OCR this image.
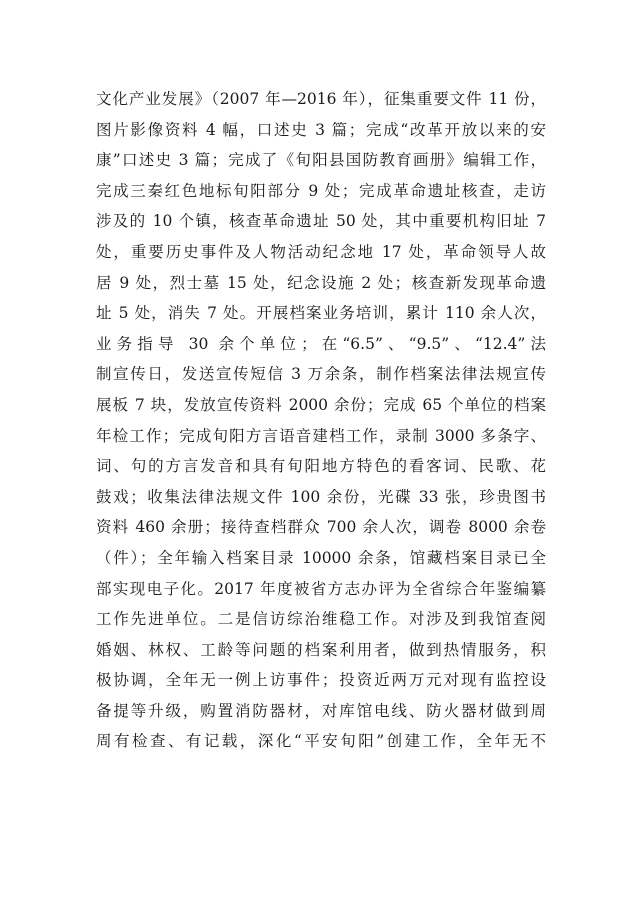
文化产业发展》（2007 年—2016 年），征集重要文件 11 份，
图片影像资料 4 幅，口述史 3 篇；完成“改革开放以来的安
康”口述史 3 篇；完成了《旬阳县国防教育画册》编辑工作，
完成三秦红色地标旬阳部分 9 处；完成革命遗址核查，走访
涉及的 10 个镇，核查革命遗址 50 处，其中重要机构旧址 7
处，重要历史事件及人物活动纪念地 17 处，革命领导人故
居 9 处，烈士墓 15 处，纪念设施 2 处；核查新发现革命遗
址 5 处，消失 7 处。开展档案业务培训，累计 110 余人次，
业务指导 30 余个单位；在“6.5”、“9.5”、“12.4”法
制宣传日，发送宣传短信 3 万余条，制作档案法律法规宣传
展板 7 块，发放宣传资料 2000 余份；完成 65 个单位的档案
年检工作；完成旬阳方言语音建档工作，录制 3000 多条字、
词、句的方言发音和具有旬阳地方特色的看客词、民歌、花
鼓戏；收集法律法规文件 100 余份，光碟 33 张，珍贵图书
资料 460 余册；接待查档群众 700 余人次，调卷 8000 余卷
（件）；全年输入档案目录 10000 余条，馆藏档案目录已全
部实现电子化。2017 年度被省方志办评为全省综合年鉴编纂
工作先进单位。二是信访综治维稳工作。对涉及到我馆查阅
婚姻、林权、工龄等问题的档案利用者，做到热情服务，积
极协调，全年无一例上访事件；投资近两万元对现有监控设
备提等升级，购置消防器材，对库馆电线、防火器材做到周
周有检查、有记载，深化“平安旬阳”创建工作，全年无不
